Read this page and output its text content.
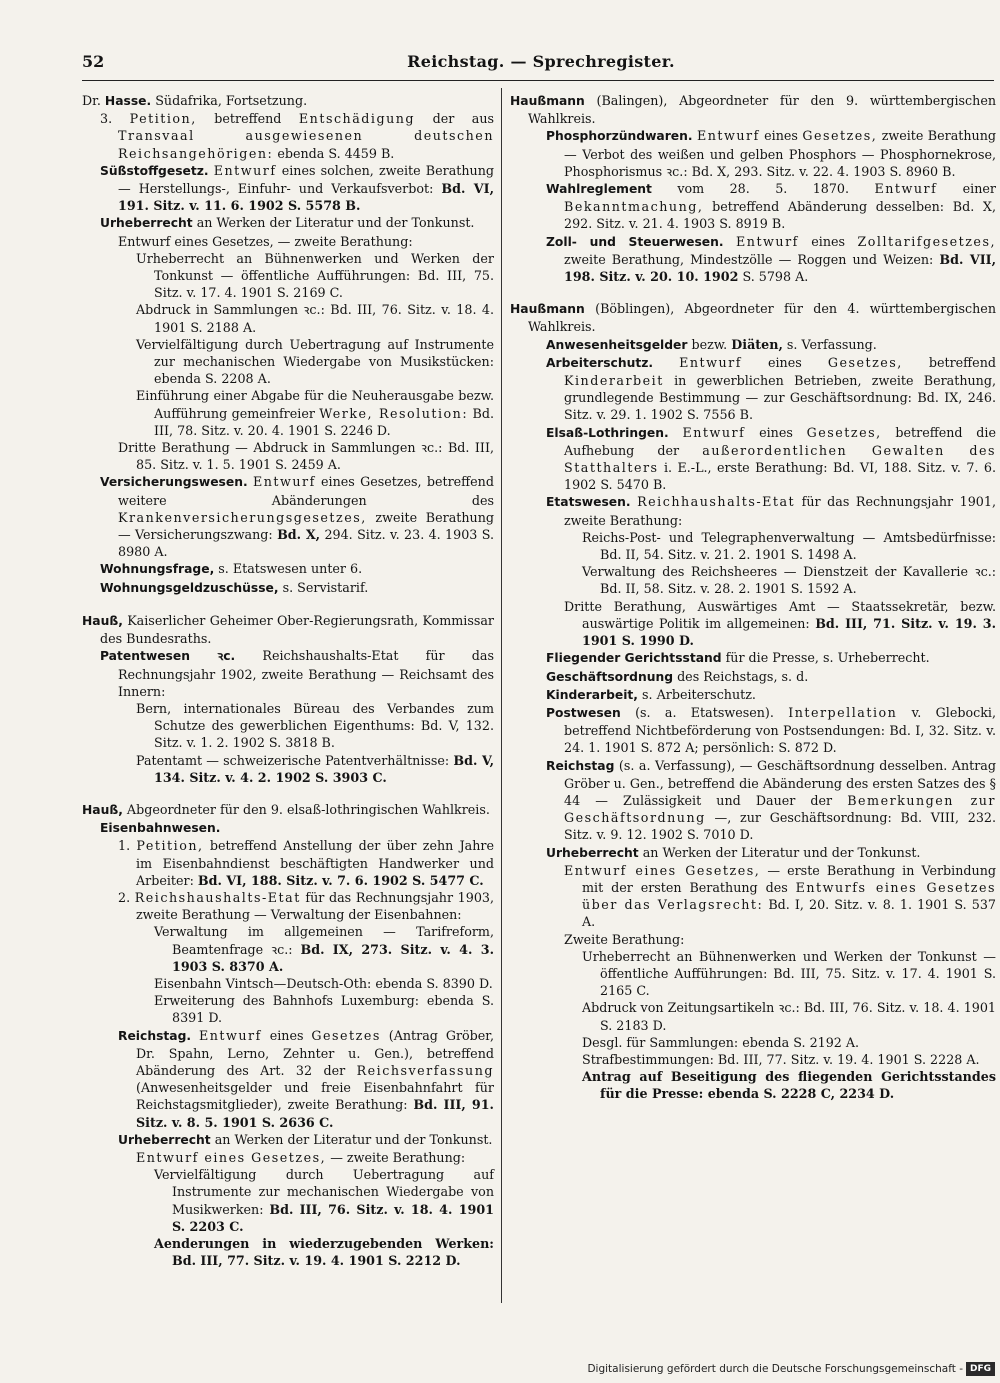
52	Reichstag. — Sprechregister.

Dr. Hasse. Südafrika, Fortsetzung.

3. Petition, betreffend Entschädigung der aus Transvaal ausgewiesenen deutschen Reichsangehörigen: ebenda S. 4459 B.

Süßstoffgesetz. Entwurf eines solchen, zweite Berathung — Herstellungs-, Einfuhr- und Verkaufsverbot: Bd. VI, 191. Sitz. v. 11. 6. 1902 S. 5578 B.

Urheberrecht an Werken der Literatur und der Tonkunst.

Entwurf eines Gesetzes, — zweite Berathung:

Urheberrecht an Bühnenwerken und Werken der Tonkunst — öffentliche Aufführungen: Bd. III, 75. Sitz. v. 17. 4. 1901 S. 2169 C.

Abdruck in Sammlungen ꝛc.: Bd. III, 76. Sitz. v. 18. 4. 1901 S. 2188 A.

Vervielfältigung durch Uebertragung auf Instrumente zur mechanischen Wiedergabe von Musikstücken: ebenda S. 2208 A.

Einführung einer Abgabe für die Neuherausgabe bezw. Aufführung gemeinfreier Werke, Resolution: Bd. III, 78. Sitz. v. 20. 4. 1901 S. 2246 D.

Dritte Berathung — Abdruck in Sammlungen ꝛc.: Bd. III, 85. Sitz. v. 1. 5. 1901 S. 2459 A.

Versicherungswesen. Entwurf eines Gesetzes, betreffend weitere Abänderungen des Krankenversicherungsgesetzes, zweite Berathung — Versicherungszwang: Bd. X, 294. Sitz. v. 23. 4. 1903 S. 8980 A.

Wohnungsfrage, s. Etatswesen unter 6.

Wohnungsgeldzuschüsse, s. Servistarif.

Hauß, Kaiserlicher Geheimer Ober-Regierungsrath, Kommissar des Bundesraths.

Patentwesen ꝛc. Reichshaushalts-Etat für das Rechnungsjahr 1902, zweite Berathung — Reichsamt des Innern:

Bern, internationales Büreau des Verbandes zum Schutze des gewerblichen Eigenthums: Bd. V, 132. Sitz. v. 1. 2. 1902 S. 3818 B.

Patentamt — schweizerische Patentverhältnisse: Bd. V, 134. Sitz. v. 4. 2. 1902 S. 3903 C.

Hauß, Abgeordneter für den 9. elsaß-lothringischen Wahlkreis.

Eisenbahnwesen.

1. Petition, betreffend Anstellung der über zehn Jahre im Eisenbahndienst beschäftigten Handwerker und Arbeiter: Bd. VI, 188. Sitz. v. 7. 6. 1902 S. 5477 C.

2. Reichshaushalts-Etat für das Rechnungsjahr 1903, zweite Berathung — Verwaltung der Eisenbahnen:

Verwaltung im allgemeinen — Tarifreform, Beamtenfrage ꝛc.: Bd. IX, 273. Sitz. v. 4. 3. 1903 S. 8370 A.

Eisenbahn Vintsch—Deutsch-Oth: ebenda S. 8390 D.

Erweiterung des Bahnhofs Luxemburg: ebenda S. 8391 D.

Reichstag. Entwurf eines Gesetzes (Antrag Gröber, Dr. Spahn, Lerno, Zehnter u. Gen.), betreffend Abänderung des Art. 32 der Reichsverfassung (Anwesenheitsgelder und freie Eisenbahnfahrt für Reichstagsmitglieder), zweite Berathung: Bd. III, 91. Sitz. v. 8. 5. 1901 S. 2636 C.

Urheberrecht an Werken der Literatur und der Tonkunst.

Entwurf eines Gesetzes, — zweite Berathung:

Vervielfältigung durch Uebertragung auf Instrumente zur mechanischen Wiedergabe von Musikwerken: Bd. III, 76. Sitz. v. 18. 4. 1901 S. 2203 C.

Aenderungen in wiederzugebenden Werken: Bd. III, 77. Sitz. v. 19. 4. 1901 S. 2212 D.

Haußmann (Balingen), Abgeordneter für den 9. württembergischen Wahlkreis.

Phosphorzündwaren. Entwurf eines Gesetzes, zweite Berathung — Verbot des weißen und gelben Phosphors — Phosphornekrose, Phosphorismus ꝛc.: Bd. X, 293. Sitz. v. 22. 4. 1903 S. 8960 B.

Wahlreglement vom 28. 5. 1870. Entwurf einer Bekanntmachung, betreffend Abänderung desselben: Bd. X, 292. Sitz. v. 21. 4. 1903 S. 8919 B.

Zoll- und Steuerwesen. Entwurf eines Zolltarifgesetzes, zweite Berathung, Mindestzölle — Roggen und Weizen: Bd. VII, 198. Sitz. v. 20. 10. 1902 S. 5798 A.

Haußmann (Böblingen), Abgeordneter für den 4. württembergischen Wahlkreis.

Anwesenheitsgelder bezw. Diäten, s. Verfassung.

Arbeiterschutz. Entwurf eines Gesetzes, betreffend Kinderarbeit in gewerblichen Betrieben, zweite Berathung, grundlegende Bestimmung — zur Geschäftsordnung: Bd. IX, 246. Sitz. v. 29. 1. 1902 S. 7556 B.

Elsaß-Lothringen. Entwurf eines Gesetzes, betreffend die Aufhebung der außerordentlichen Gewalten des Statthalters i. E.-L., erste Berathung: Bd. VI, 188. Sitz. v. 7. 6. 1902 S. 5470 B.

Etatswesen. Reichhaushalts-Etat für das Rechnungsjahr 1901, zweite Berathung:

Reichs-Post- und Telegraphenverwaltung — Amtsbedürfnisse: Bd. II, 54. Sitz. v. 21. 2. 1901 S. 1498 A.

Verwaltung des Reichsheeres — Dienstzeit der Kavallerie ꝛc.: Bd. II, 58. Sitz. v. 28. 2. 1901 S. 1592 A.

Dritte Berathung, Auswärtiges Amt — Staatssekretär, bezw. auswärtige Politik im allgemeinen: Bd. III, 71. Sitz. v. 19. 3. 1901 S. 1990 D.

Fliegender Gerichtsstand für die Presse, s. Urheberrecht.

Geschäftsordnung des Reichstags, s. d.

Kinderarbeit, s. Arbeiterschutz.

Postwesen (s. a. Etatswesen). Interpellation v. Glebocki, betreffend Nichtbeförderung von Postsendungen: Bd. I, 32. Sitz. v. 24. 1. 1901 S. 872 A; persönlich: S. 872 D.

Reichstag (s. a. Verfassung), — Geschäftsordnung desselben. Antrag Gröber u. Gen., betreffend die Abänderung des ersten Satzes des § 44 — Zulässigkeit und Dauer der Bemerkungen zur Geschäftsordnung —, zur Geschäftsordnung: Bd. VIII, 232. Sitz. v. 9. 12. 1902 S. 7010 D.

Urheberrecht an Werken der Literatur und der Tonkunst.

Entwurf eines Gesetzes, — erste Berathung in Verbindung mit der ersten Berathung des Entwurfs eines Gesetzes über das Verlagsrecht: Bd. I, 20. Sitz. v. 8. 1. 1901 S. 537 A.

Zweite Berathung:

Urheberrecht an Bühnenwerken und Werken der Tonkunst — öffentliche Aufführungen: Bd. III, 75. Sitz. v. 17. 4. 1901 S. 2165 C.

Abdruck von Zeitungsartikeln ꝛc.: Bd. III, 76. Sitz. v. 18. 4. 1901 S. 2183 D.

Desgl. für Sammlungen: ebenda S. 2192 A.

Strafbestimmungen: Bd. III, 77. Sitz. v. 19. 4. 1901 S. 2228 A.

Antrag auf Beseitigung des fliegenden Gerichtsstandes für die Presse: ebenda S. 2228 C, 2234 D.

Digitalisierung gefördert durch die Deutsche Forschungsgemeinschaft - DFG
